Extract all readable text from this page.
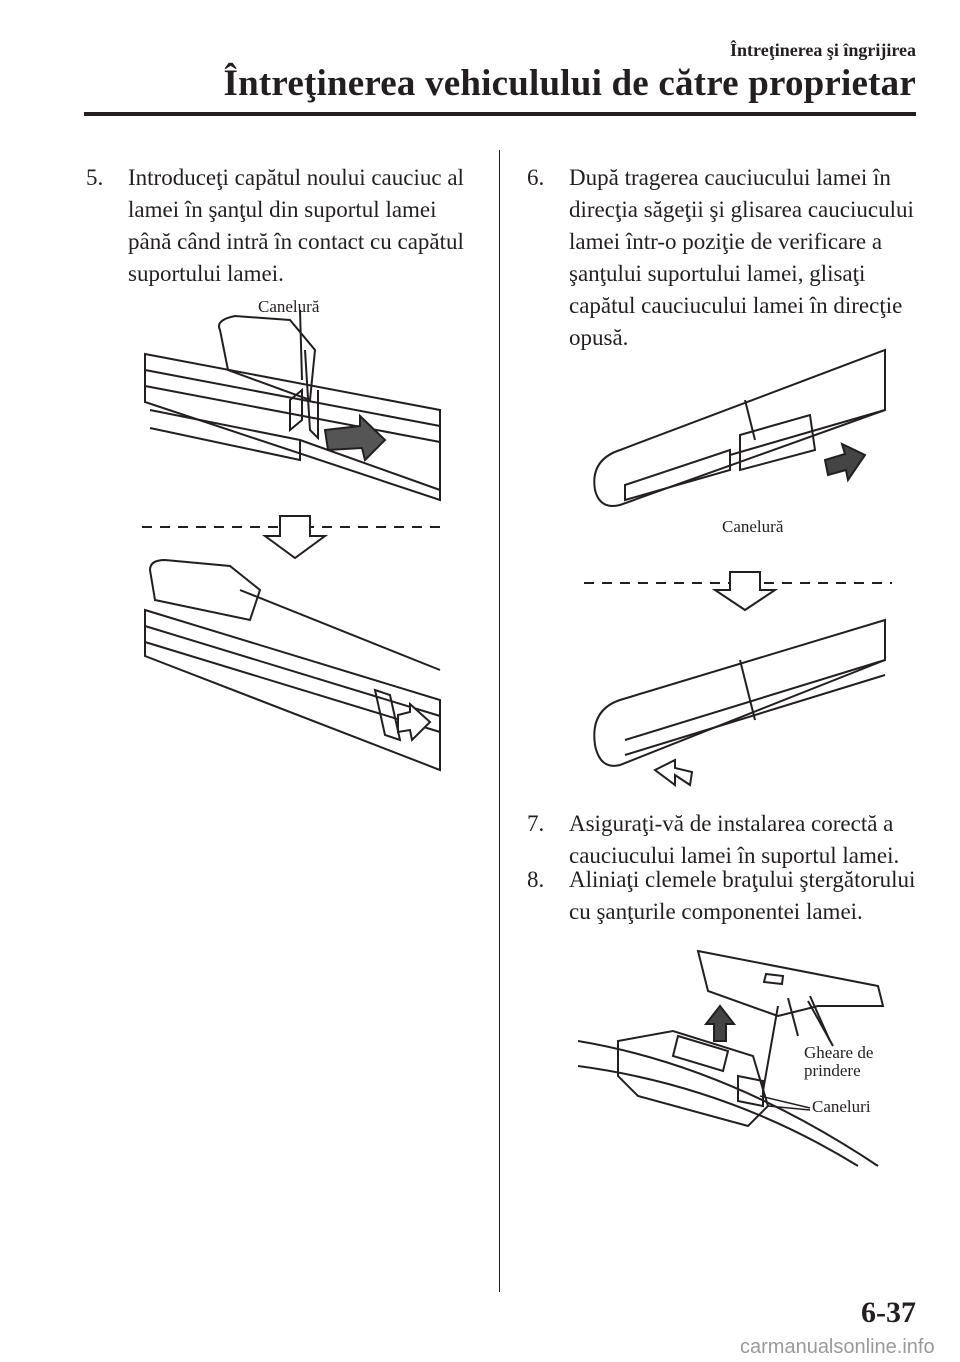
Întreţinerea şi îngrijirea
Întreţinerea vehiculului de către proprietar
5.	Introduceţi capătul noului cauciuc al lamei în şanţul din suportul lamei până când intră în contact cu capătul suportului lamei.
Canelură
6.	După tragerea cauciucului lamei în direcţia săgeţii şi glisarea cauciucului lamei într-o poziţie de verificare a şanţului suportului lamei, glisaţi capătul cauciucului lamei în direcţie opusă.
Canelură
7.	Asiguraţi-vă de instalarea corectă a cauciucului lamei în suportul lamei.
8.	Aliniaţi clemele braţului ştergătorului cu şanţurile componentei lamei.
Gheare de prindere
Caneluri
6-37
carmanualsonline.info
